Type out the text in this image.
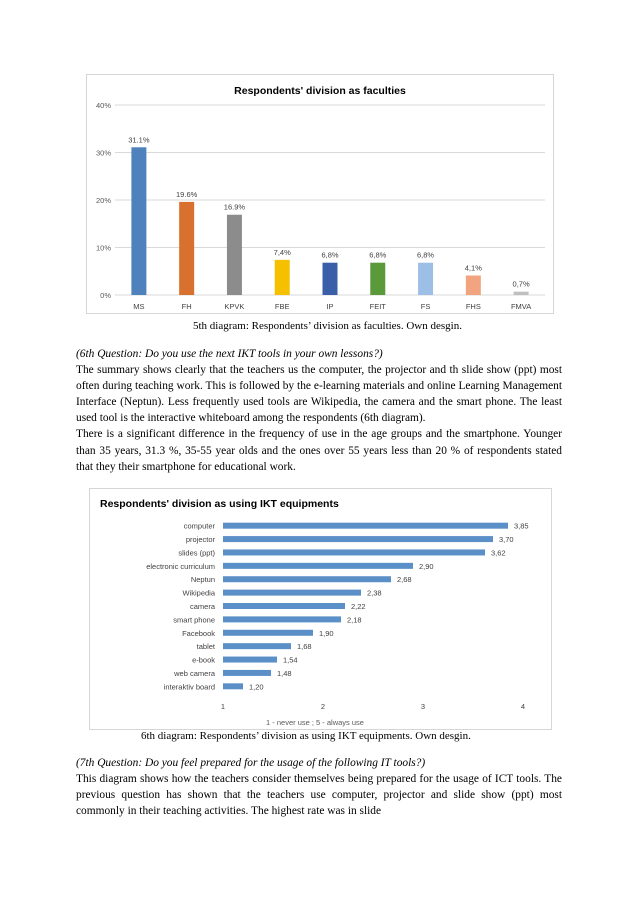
Respondents' division as faculties
0%
10%
20%
30%
40%
31.1%
MS
19.6%
FH
16.9%
KPVK
7,4%
FBE
6,8%
IP
6,8%
FEIT
6,8%
FS
4,1%
FHS
0,7%
FMVA
5th diagram: Respondents’ division as faculties. Own desgin.
(6th Question: Do you use the next IKT tools in your own lessons?)
The summary shows clearly that the teachers us the computer, the projector and th slide show (ppt) most often during teaching work. This is followed by the e-learning materials and online Learning Management Interface (Neptun). Less frequently used tools are Wikipedia, the camera and the smart phone. The least used tool is the interactive whiteboard among the respondents (6th diagram).
There is a significant difference in the frequency of use in the age groups and the smartphone. Younger than 35 years, 31.3 %, 35-55 year olds and the ones over 55 years less than 20 % of respondents stated that they their smartphone for educational work.
Respondents' division as using IKT equipments
1 - never use ; 5 - always use
computer	3,85
projector	3,70
slides (ppt)	3,62
electronic curriculum	2,90
Neptun	2,68
Wikipedia	2,38
camera	2,22
smart phone	2,18
Facebook	1,90
tablet	1,68
e-book	1,54
web camera	1,48
interaktiv board	1,20
1	2	3	4
6th diagram: Respondents’ division as using IKT equipments. Own desgin.
(7th Question: Do you feel prepared for the usage of the following IT tools?)
This diagram shows how the teachers consider themselves being prepared for the usage of ICT tools. The previous question has shown that the teachers use computer, projector and slide show (ppt) most commonly in their teaching activities. The highest rate was in slide
